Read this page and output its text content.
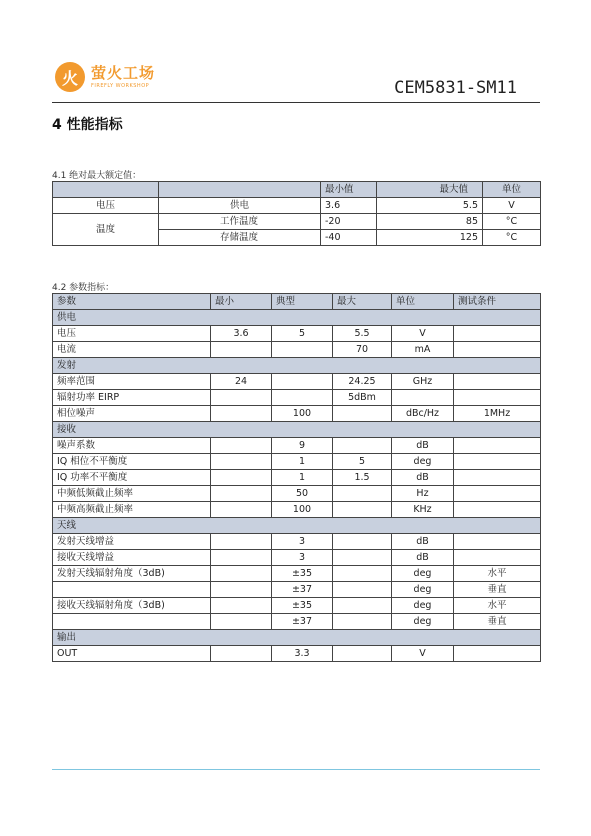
火 萤火工场
FIREFLY WORKSHOP	CEM5831-SM11
4 性能指标
4.1 绝对最大额定值：
		最小值	最大值	单位
电压	供电	3.6	5.5	V
温度	工作温度	-20	85	°C
	存储温度	-40	125	°C
4.2 参数指标：
参数	最小	典型	最大	单位	测试条件
供电					
电压	3.6	5	5.5	V	
电流			70	mA	
发射					
频率范围	24		24.25	GHz	
辐射功率 EIRP			5dBm		
相位噪声		100		dBc/Hz	1MHz
接收					
噪声系数		9		dB	
IQ 相位不平衡度		1	5	deg	
IQ 功率不平衡度		1	1.5	dB	
中频低频截止频率		50		Hz	
中频高频截止频率		100		KHz	
天线					
发射天线增益		3		dB	
接收天线增益		3		dB	
发射天线辐射角度（3dB)		±35		deg	水平
		±37		deg	垂直
接收天线辐射角度（3dB)		±35		deg	水平
		±37		deg	垂直
输出					
OUT		3.3		V	
